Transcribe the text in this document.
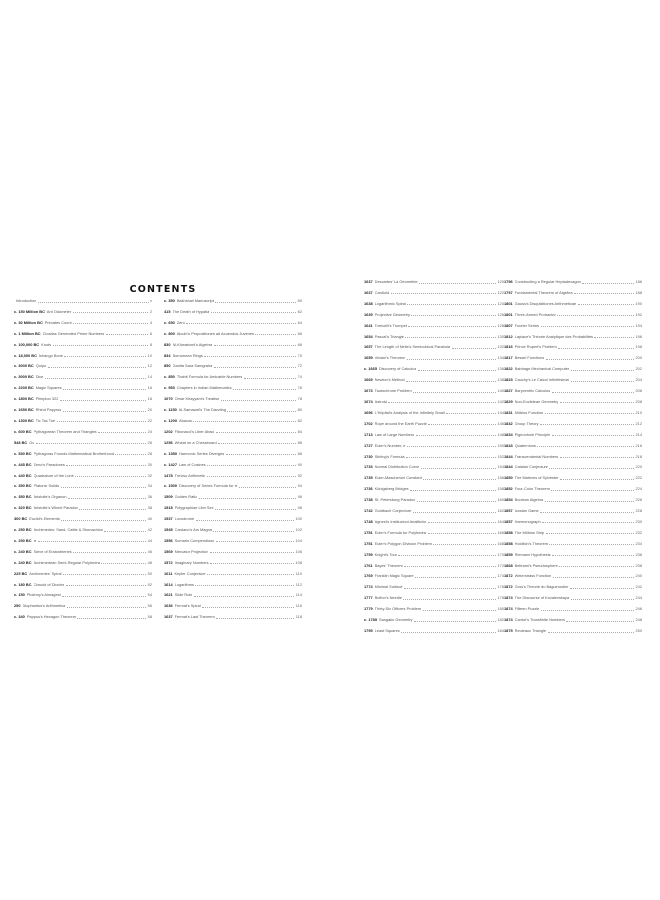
CONTENTS
Introduction	x
c. 150 Million BC Ant Odometer	2
c. 30 Million BC Primates Count	4
c. 1 Million BC Cicadas Generated Prime Numbers	6
c. 100,000 BC Knots	8
c. 18,000 BC Ishango Bone	10
c. 3000 BC Quipu	12
c. 3000 BC Dice	14
c. 2200 BC Magic Squares	16
c. 1800 BC Plimpton 322	18
c. 1650 BC Rhind Papyrus	20
c. 1300 BC Tic Tac Toe	22
c. 600 BC Pythagorean Theorem and Triangles	24
548 BC Go	26
c. 530 BC Pythagoras Founds Mathematical Brotherhood	28
c. 445 BC Zeno's Paradoxes	30
c. 440 BC Quadrature of the Lune	32
c. 350 BC Platonic Solids	34
c. 350 BC Aristotle's Organon	36
c. 320 BC Aristotle's Wheel Paradox	38
300 BC Euclid's Elements	40
c. 250 BC Archimedes: Sand, Cattle & Stomachion	42
c. 250 BC π	44
c. 240 BC Sieve of Eratosthenes	46
c. 240 BC Archimedean Semi-Regular Polyhedra	48
225 BC Archimedes' Spiral	50
c. 180 BC Cissoid of Diocles	52
c. 150 Ptolemy's Almagest	54
250 Diophantus's Arithmetica	56
c. 340 Pappus's Hexagon Theorem	58
c. 350 Bakhshali Manuscript	60
415 The Death of Hypatia	62
c. 650 Zero	64
c. 800 Alcuin's Propositiones ad Acuendos Juvenes	66
830 Al-Khwarizmi's Algebra	68
834 Borromean Rings	70
850 Ganita Sara Samgraha	72
c. 850 Thabit Formula for Amicable Numbers	74
c. 953 Chapters in Indian Mathematics	76
1070 Omar Khayyam's Treatise	78
c. 1150 Al-Samawal's The Dazzling	80
c. 1200 Abacus	82
1202 Fibonacci's Liber Abaci	84
1256 Wheat on a Chessboard	86
c. 1350 Harmonic Series Diverges	88
c. 1427 Law of Cosines	90
1478 Treviso Arithmetic	92
c. 1500 Discovery of Series Formula for π	94
1509 Golden Ratio	96
1518 Polygraphiae Libri Sex	98
1537 Loxodrome	100
1545 Cardano's Ars Magna	102
1556 Sumario Compendioso	104
1569 Mercator Projection	106
1572 Imaginary Numbers	108
1611 Kepler Conjecture	110
1614 Logarithms	112
1621 Slide Rule	114
1636 Fermat's Spiral	116
1637 Fermat's Last Theorem	118
1637 Descartes' La Géométrie	120
1637 Cardioid	122
1638 Logarithmic Spiral	124
1639 Projective Geometry	126
1641 Torricelli's Trumpet	128
1654 Pascal's Triangle	130
1657 The Length of Neile's Semicubical Parabola	132
1659 Viviani's Theorem	134
c. 1665 Discovery of Calculus	136
1669 Newton's Method	138
1673 Tautochrone Problem	140
1674 Astroid	142
1696 L'Hôpital's Analysis of the Infinitely Small	144
1702 Rope around the Earth Puzzle	146
1713 Law of Large Numbers	148
1727 Euler's Number, e	150
1730 Stirling's Formula	152
1733 Normal Distribution Curve	154
1735 Euler-Mascheroni Constant	156
1736 Königsberg Bridges	158
1738 St. Petersburg Paradox	160
1742 Goldbach Conjecture	162
1748 Agnesi's Instituzioni Analitiche	164
1751 Euler's Formula for Polyhedra	166
1751 Euler's Polygon Division Problem	168
1759 Knight's Tour	170
1761 Bayes' Theorem	172
1769 Franklin Magic Square	174
1774 Minimal Surface	176
1777 Buffon's Needle	178
1779 Thirty-Six Officers Problem	180
c. 1789 Sangaku Geometry	182
1795 Least Squares	184
1796 Constructing a Regular Heptadecagon	186
1797 Fundamental Theorem of Algebra	188
1801 Gauss's Disquisitiones Arithmeticae	190
1801 Three-Armed Protractor	192
1807 Fourier Series	194
1812 Laplace's Théorie Analytique des Probabilités	196
1816 Prince Rupert's Problem	198
1817 Bessel Functions	200
1822 Babbage Mechanical Computer	202
1823 Cauchy's Le Calcul Infinitésimal	204
1827 Barycentric Calculus	206
1829 Non-Euclidean Geometry	208
1831 Möbius Function	210
1832 Group Theory	212
1834 Pigeonhole Principle	214
1843 Quaternions	216
1844 Transcendental Numbers	218
1844 Catalan Conjecture	220
1850 The Matrices of Sylvester	222
1852 Four-Color Theorem	224
1854 Boolean Algebra	226
1857 Icosian Game	228
1857 Harmonograph	230
1858 The Möbius Strip	232
1858 Holditch's Theorem	234
1859 Riemann Hypothesis	236
1868 Beltrami's Pseudosphere	238
1872 Weierstrass Function	240
1872 Gros's Théorie du Baguenodier	242
1874 The Discourse of Kovalevskaya	244
1874 Fifteen Puzzle	246
1874 Cantor's Transfinite Numbers	248
1875 Reuleaux Triangle	250
